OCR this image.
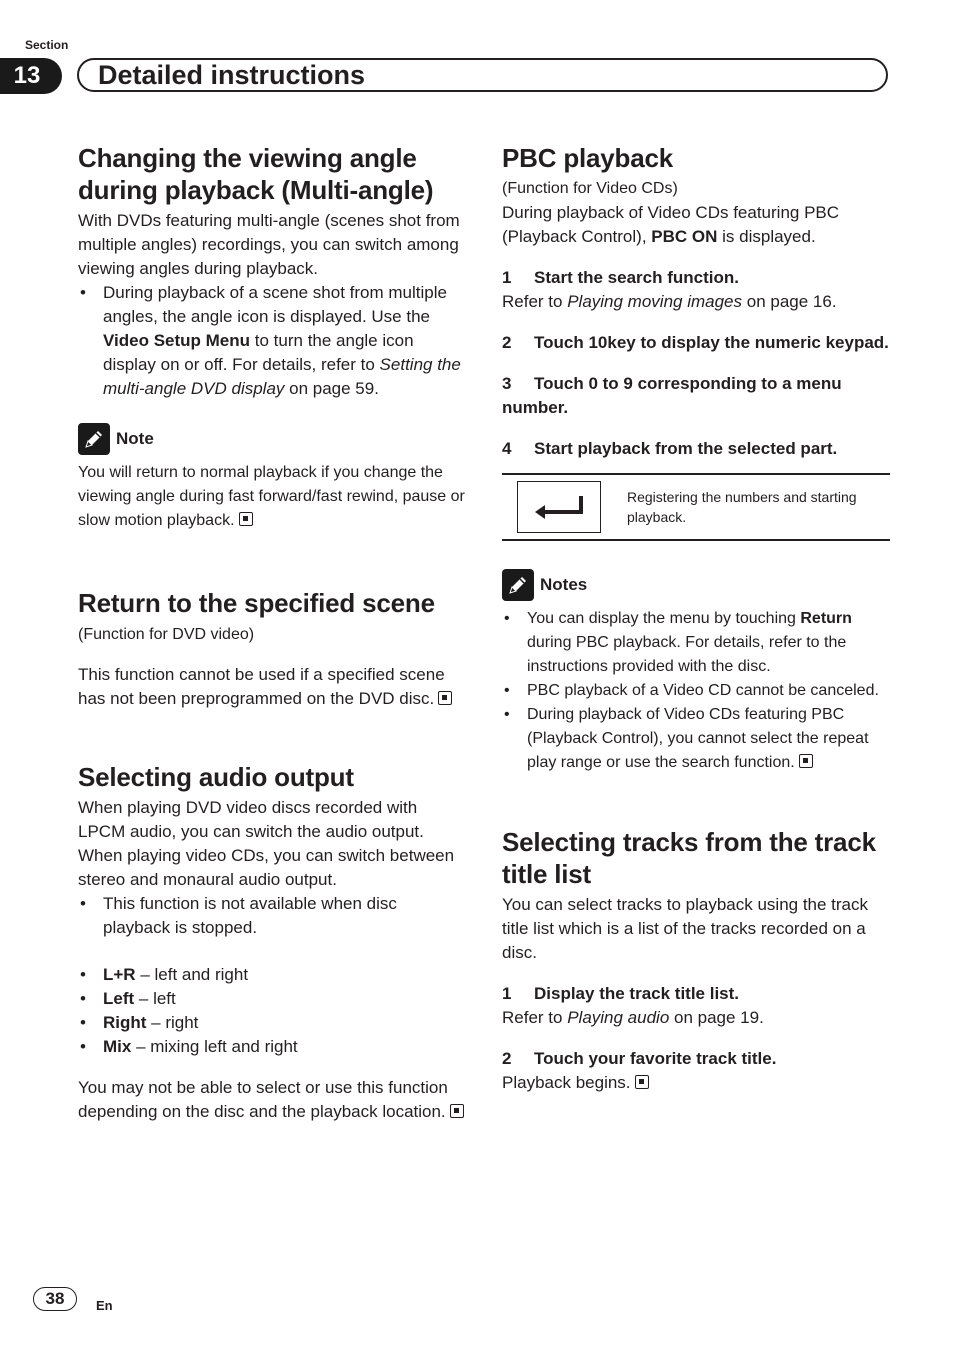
Section
13	Detailed instructions
Changing the viewing angle during playback (Multi-angle)

With DVDs featuring multi-angle (scenes shot from multiple angles) recordings, you can switch among viewing angles during playback.

• During playback of a scene shot from multiple angles, the angle icon is displayed. Use the Video Setup Menu to turn the angle icon display on or off. For details, refer to Setting the multi-angle DVD display on page 59.
Note

You will return to normal playback if you change the viewing angle during fast forward/fast rewind, pause or slow motion playback.

Return to the specified scene

(Function for DVD video)

This function cannot be used if a specified scene has not been preprogrammed on the DVD disc.

Selecting audio output

When playing DVD video discs recorded with LPCM audio, you can switch the audio output. When playing video CDs, you can switch between stereo and monaural audio output.

• This function is not available when disc playback is stopped.
• L+R – left and right
• Left – left
• Right – right
• Mix – mixing left and right

You may not be able to select or use this function depending on the disc and the playback location.

PBC playback

(Function for Video CDs)

During playback of Video CDs featuring PBC (Playback Control), PBC ON is displayed.

1 Start the search function.

Refer to Playing moving images on page 16.

2 Touch 10key to display the numeric keypad.

3 Touch 0 to 9 corresponding to a menu number.

4 Start playback from the selected part.

Registering the numbers and starting playback.
Notes
• You can display the menu by touching Return during PBC playback. For details, refer to the instructions provided with the disc.
• PBC playback of a Video CD cannot be canceled.
• During playback of Video CDs featuring PBC (Playback Control), you cannot select the repeat play range or use the search function.
Selecting tracks from the track title list

You can select tracks to playback using the track title list which is a list of the tracks recorded on a disc.

1 Display the track title list.

Refer to Playing audio on page 19.

2 Touch your favorite track title.

Playback begins.

38	En
